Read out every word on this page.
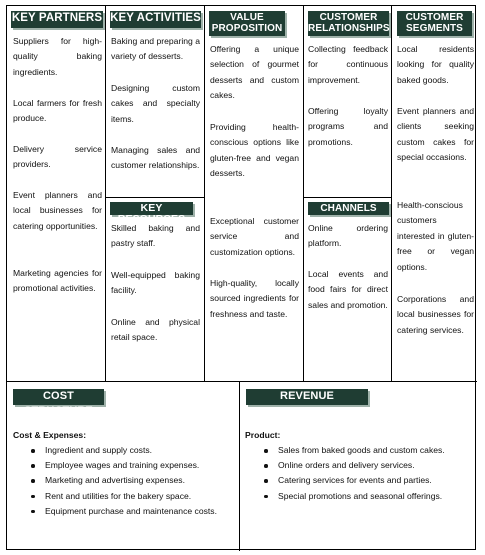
KEY PARTNERS
Suppliers for high-quality baking ingredients.
Local farmers for fresh produce.
Delivery service providers.
Event planners and local businesses for catering opportunities.
Marketing agencies for promotional activities.
KEY ACTIVITIES
Baking and preparing a variety of desserts.
Designing custom cakes and specialty items.
Managing sales and customer relationships.
KEY RESOURCES
Skilled baking and pastry staff.
Well-equipped baking facility.
Online and physical retail space.
VALUE
PROPOSITION
Offering a unique selection of gourmet desserts and custom cakes.
Providing health-conscious options like gluten-free and vegan desserts.
Exceptional customer service and customization options.
High-quality, locally sourced ingredients for freshness and taste.
CUSTOMER
RELATIONSHIPS
Collecting feedback for continuous improvement.
Offering loyalty programs and promotions.
CHANNELS
Online ordering platform.
Local events and food fairs for direct sales and promotion.
CUSTOMER
SEGMENTS
Local residents looking for quality baked goods.
Event planners and clients seeking custom cakes for special occasions.
Health-conscious customers interested in gluten-free or vegan options.
Corporations and local businesses for catering services.
COST STRUCTURE
Cost & Expenses:
Ingredient and supply costs.
Employee wages and training expenses.
Marketing and advertising expenses.
Rent and utilities for the bakery space.
Equipment purchase and maintenance costs.
REVENUE
Product:
Sales from baked goods and custom cakes.
Online orders and delivery services.
Catering services for events and parties.
Special promotions and seasonal offerings.
